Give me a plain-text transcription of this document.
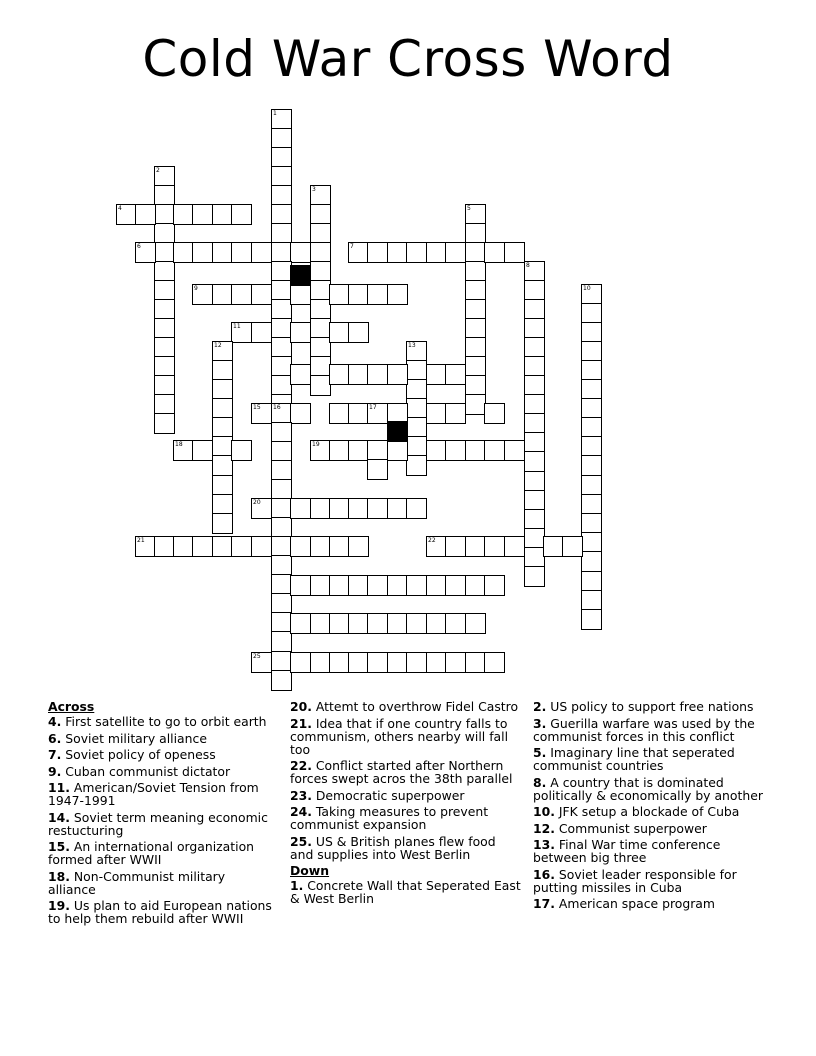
Cold War Cross Word
1
2
4
3
5
6	7
8
9	10
11
12	13
15 16	17
18	19
20
21	22
25
Across
4. First satellite to go to orbit earth
6. Soviet military alliance
7. Soviet policy of openess
9. Cuban communist dictator
11. American/Soviet Tension from 1947-1991
14. Soviet term meaning economic restucturing
15. An international organization formed after WWII
18. Non-Communist military alliance
19. Us plan to aid European nations to help them rebuild after WWII
20. Attemt to overthrow Fidel Castro
21. Idea that if one country falls to communism, others nearby will fall too
22. Conflict started after Northern forces swept acros the 38th parallel
23. Democratic superpower
24. Taking measures to prevent communist expansion
25. US & British planes flew food and supplies into West Berlin
Down
1. Concrete Wall that Seperated East & West Berlin
2. US policy to support free nations
3. Guerilla warfare was used by the communist forces in this conflict
5. Imaginary line that seperated communist countries
8. A country that is dominated politically & economically by another
10. JFK setup a blockade of Cuba
12. Communist superpower
13. Final War time conference between big three
16. Soviet leader responsible for putting missiles in Cuba
17. American space program
